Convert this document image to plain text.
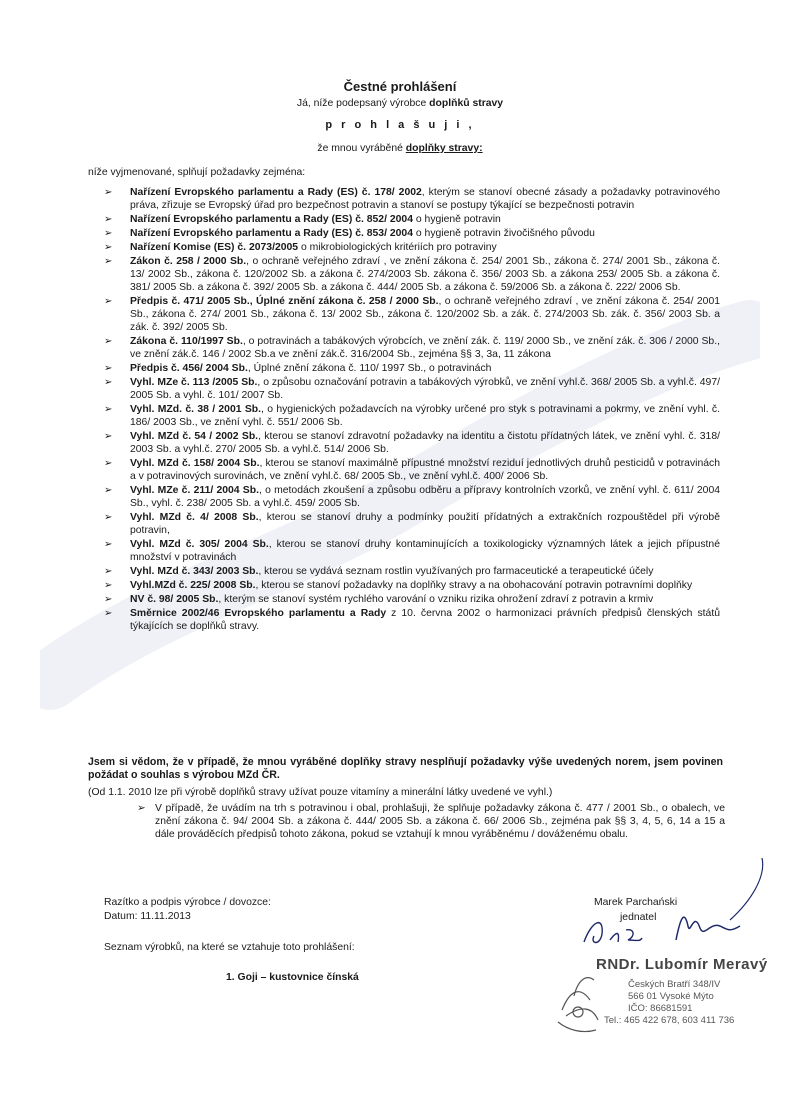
Čestné prohlášení
Já, níže podepsaný výrobce doplňků stravy
p r o h l a š u j i ,
že mnou vyráběné doplňky stravy:
níže vyjmenované, splňují požadavky zejména:
➢ Nařízení Evropského parlamentu a Rady (ES) č. 178/ 2002, kterým se stanoví obecné zásady a požadavky potravinového práva, zřizuje se Evropský úřad pro bezpečnost potravin a stanoví se postupy týkající se bezpečnosti potravin
➢ Nařízení Evropského parlamentu a Rady (ES) č. 852/ 2004 o hygieně potravin
➢ Nařízení Evropského parlamentu a Rady (ES) č. 853/ 2004 o hygieně potravin živočišného původu
➢ Nařízení Komise (ES) č. 2073/2005 o mikrobiologických kritériích pro potraviny
➢ Zákon č. 258 / 2000 Sb., o ochraně veřejného zdraví , ve znění zákona č. 254/ 2001 Sb., zákona č. 274/ 2001 Sb., zákona č. 13/ 2002 Sb., zákona č. 120/2002 Sb. a zákona č. 274/2003 Sb. zákona č. 356/ 2003 Sb. a zákona 253/ 2005 Sb. a zákona č. 381/ 2005 Sb. a zákona č. 392/ 2005 Sb. a zákona č. 444/ 2005 Sb. a zákona č. 59/2006 Sb. a zákona č. 222/ 2006 Sb.
➢ Předpis č. 471/ 2005 Sb., Úplné znění zákona č. 258 / 2000 Sb., o ochraně veřejného zdraví , ve znění zákona č. 254/ 2001 Sb., zákona č. 274/ 2001 Sb., zákona č. 13/ 2002 Sb., zákona č. 120/2002 Sb. a zák. č. 274/2003 Sb. zák. č. 356/ 2003 Sb. a zák. č. 392/ 2005 Sb.
➢ Zákona č. 110/1997 Sb., o potravinách a tabákových výrobcích, ve znění zák. č. 119/ 2000 Sb., ve znění zák. č. 306 / 2000 Sb., ve znění zák.č. 146 / 2002 Sb.a ve znění zák.č. 316/2004 Sb., zejména §§ 3, 3a, 11 zákona
➢ Předpis č. 456/ 2004 Sb., Úplné znění zákona č. 110/ 1997 Sb., o potravinách
➢ Vyhl. MZe č. 113 /2005 Sb., o způsobu označování potravin a tabákových výrobků, ve znění vyhl.č. 368/ 2005 Sb. a vyhl.č. 497/ 2005 Sb. a vyhl. č. 101/ 2007 Sb.
➢ Vyhl. MZd. č. 38 / 2001 Sb., o hygienických požadavcích na výrobky určené pro styk s potravinami a pokrmy, ve znění vyhl. č. 186/ 2003 Sb., ve znění vyhl. č. 551/ 2006 Sb.
➢ Vyhl. MZd č. 54 / 2002 Sb., kterou se stanoví zdravotní požadavky na identitu a čistotu přídatných látek, ve znění vyhl. č. 318/ 2003 Sb. a vyhl.č. 270/ 2005 Sb. a vyhl.č. 514/ 2006 Sb.
➢ Vyhl. MZd č. 158/ 2004 Sb., kterou se stanoví maximálně přípustné množství reziduí jednotlivých druhů pesticidů v potravinách a v potravinových surovinách, ve znění vyhl.č. 68/ 2005 Sb., ve znění vyhl.č. 400/ 2006 Sb.
➢ Vyhl. MZe č. 211/ 2004 Sb., o metodách zkoušení a způsobu odběru a přípravy kontrolních vzorků, ve znění vyhl. č. 611/ 2004 Sb., vyhl. č. 238/ 2005 Sb. a vyhl.č. 459/ 2005 Sb.
➢ Vyhl. MZd č. 4/ 2008 Sb., kterou se stanoví druhy a podmínky použití přídatných a extrakčních rozpouštědel při výrobě potravin,
➢ Vyhl. MZd č. 305/ 2004 Sb., kterou se stanoví druhy kontaminujících a toxikologicky významných látek a jejich přípustné množství v potravinách
➢ Vyhl. MZd č. 343/ 2003 Sb., kterou se vydává seznam rostlin využívaných pro farmaceutické a terapeutické účely
➢ Vyhl.MZd č. 225/ 2008 Sb., kterou se stanoví požadavky na doplňky stravy a na obohacování potravin potravními doplňky
➢ NV č. 98/ 2005 Sb., kterým se stanoví systém rychlého varování o vzniku rizika ohrožení zdraví z potravin a krmiv
➢ Směrnice 2002/46 Evropského parlamentu a Rady z 10. června 2002 o harmonizaci právních předpisů členských států týkajících se doplňků stravy.
Jsem si vědom, že v případě, že mnou vyráběné doplňky stravy nesplňují požadavky výše uvedených norem, jsem povinen požádat o souhlas s výrobou MZd ČR.
(Od 1.1. 2010 lze při výrobě doplňků stravy užívat pouze vitamíny a minerální látky uvedené ve vyhl.)
➢ V případě, že uvádím na trh s potravinou i obal, prohlašuji, že splňuje požadavky zákona č. 477 / 2001 Sb., o obalech, ve znění zákona č. 94/ 2004 Sb. a zákona č. 444/ 2005 Sb. a zákona č. 66/ 2006 Sb., zejména pak §§ 3, 4, 5, 6, 14 a 15 a dále prováděcích předpisů tohoto zákona, pokud se vztahují k mnou vyráběnému / dováženému obalu.
Razítko a podpis výrobce / dovozce:
Datum: 11.11.2013
Seznam výrobků, na které se vztahuje toto prohlášení:
1. Goji – kustovnice čínská
Marek Parchański
jednatel
RNDr. Lubomír Meravý
Českých Bratří 348/IV
566 01 Vysoké Mýto
IČO: 86681591
Tel.: 465 422 678, 603 411 736
